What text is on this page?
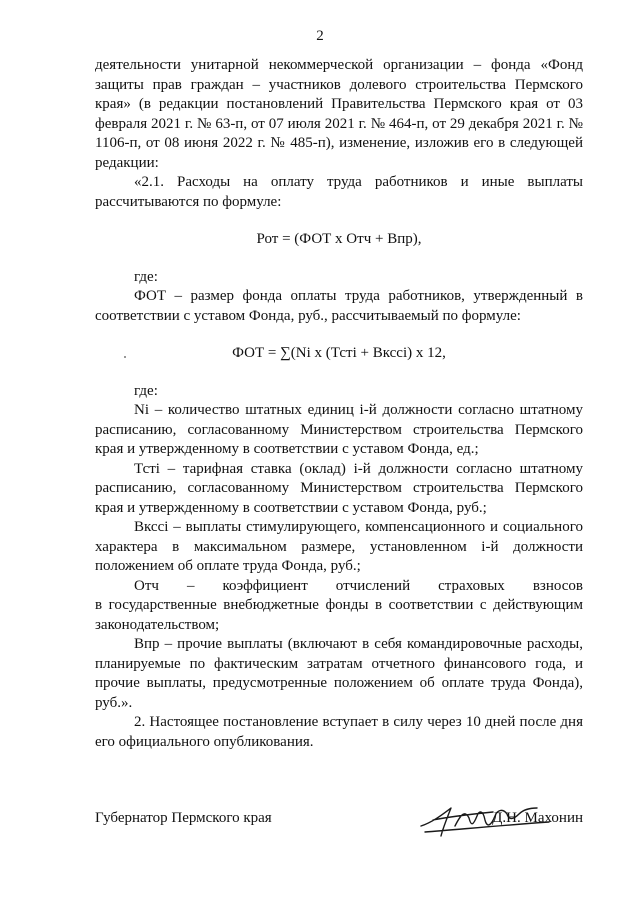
2

деятельности унитарной некоммерческой организации – фонда «Фонд защиты прав граждан – участников долевого строительства Пермского края» (в редакции постановлений Правительства Пермского края от 03 февраля 2021 г. № 63-п, от 07 июля 2021 г. № 464-п, от 29 декабря 2021 г. № 1106-п, от 08 июня 2022 г. № 485-п), изменение, изложив его в следующей редакции:

«2.1. Расходы на оплату труда работников и иные выплаты рассчитываются по формуле:

Рот = (ФОТ x Отч + Впр),

где:

ФОТ – размер фонда оплаты труда работников, утвержденный в соответствии с уставом Фонда, руб., рассчитываемый по формуле:

ФОТ = ∑(Ni x (Тсті + Вксcі) x 12,

где:

Ni – количество штатных единиц i-й должности согласно штатному расписанию, согласованному Министерством строительства Пермского края и утвержденному в соответствии с уставом Фонда, ед.;

Тсті – тарифная ставка (оклад) і-й должности согласно штатному расписанию, согласованному Министерством строительства Пермского края и утвержденному в соответствии с уставом Фонда, руб.;

Вксcі – выплаты стимулирующего, компенсационного и социального характера в максимальном размере, установленном i-й должности положением об оплате труда Фонда, руб.;

Отч – коэффициент отчислений страховых взносов

в государственные внебюджетные фонды в соответствии с действующим законодательством;

Впр – прочие выплаты (включают в себя командировочные расходы, планируемые по фактическим затратам отчетного финансового года, и прочие выплаты, предусмотренные положением об оплате труда Фонда), руб.».

2. Настоящее постановление вступает в силу через 10 дней после дня его официального опубликования.

Губернатор Пермского края	Д.Н. Махонин
